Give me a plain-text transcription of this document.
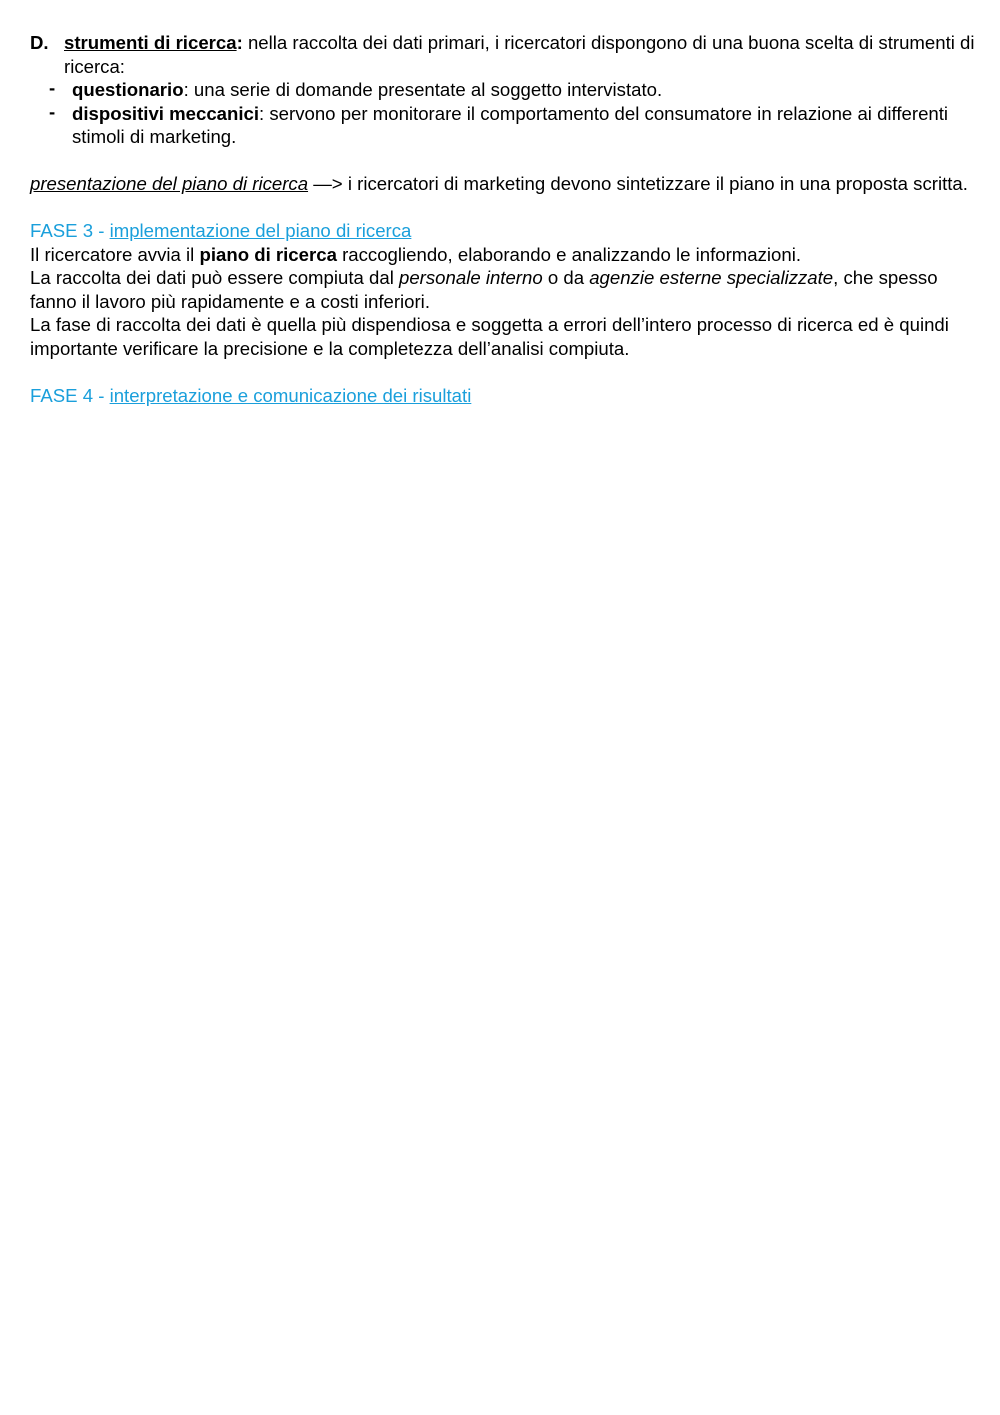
D. strumenti di ricerca: nella raccolta dei dati primari, i ricercatori dispongono di una buona scelta di strumenti di ricerca:
- questionario: una serie di domande presentate al soggetto intervistato.
- dispositivi meccanici: servono per monitorare il comportamento del consumatore in relazione ai differenti stimoli di marketing.

presentazione del piano di ricerca —> i ricercatori di marketing devono sintetizzare il piano in una proposta scritta.

FASE 3 - implementazione del piano di ricerca

Il ricercatore avvia il piano di ricerca raccogliendo, elaborando e analizzando le informazioni.

La raccolta dei dati può essere compiuta dal personale interno o da agenzie esterne specializzate, che spesso fanno il lavoro più rapidamente e a costi inferiori.

La fase di raccolta dei dati è quella più dispendiosa e soggetta a errori dell’intero processo di ricerca ed è quindi importante verificare la precisione e la completezza dell’analisi compiuta.

FASE 4 - interpretazione e comunicazione dei risultati
